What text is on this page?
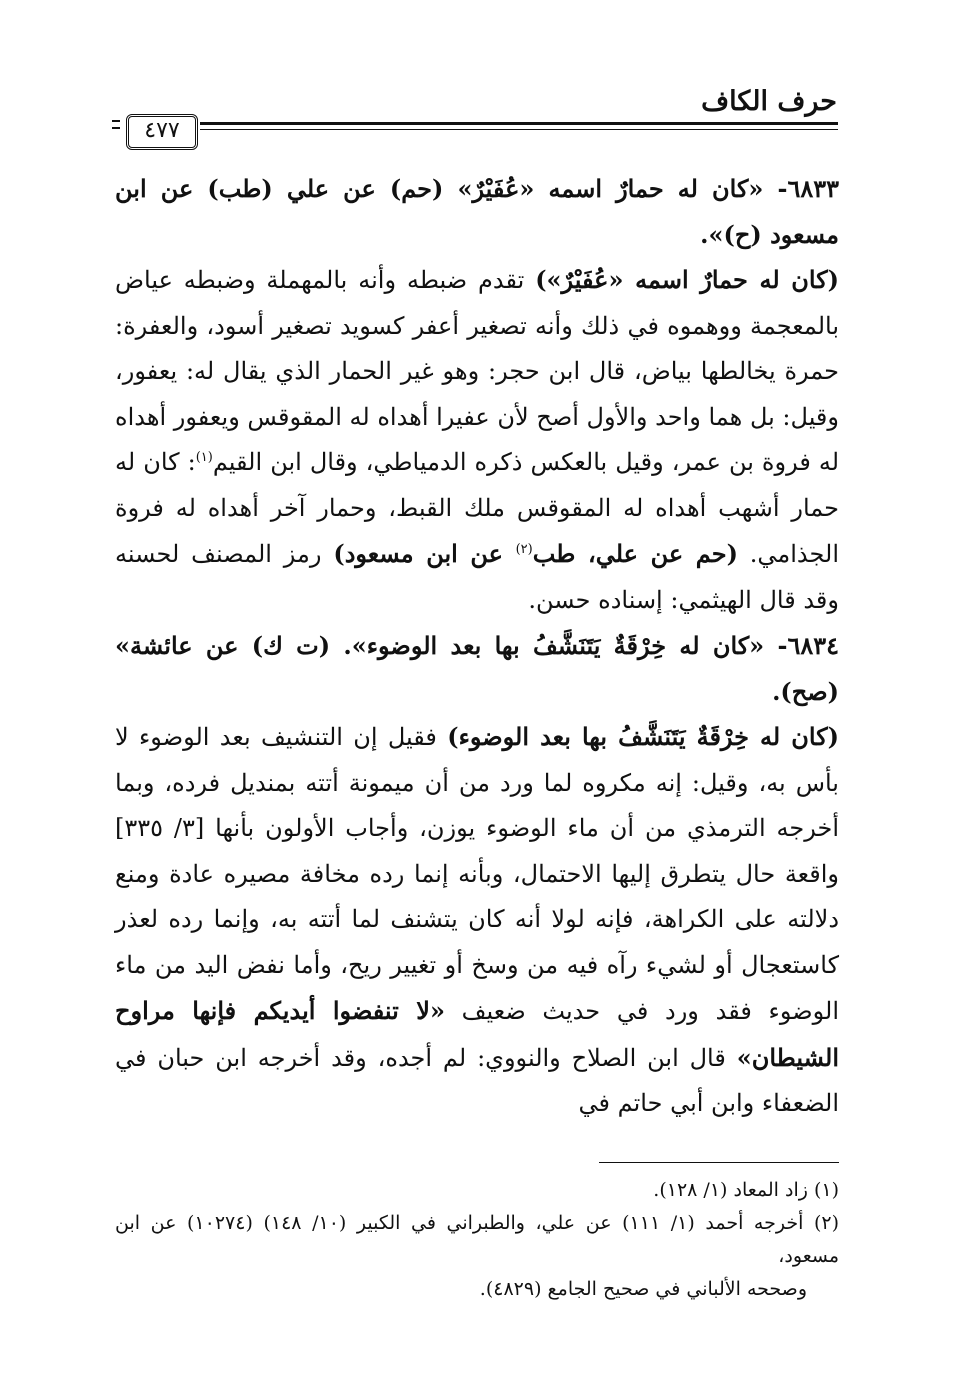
حرف الكاف
٤٧٧

٦٨٣٣- «كان له حمارٌ اسمه «عُفَيْرٌ» (حم) عن علي (طب) عن ابن مسعود (ح)».

(كان له حمارٌ اسمه «عُفَيْرٌ») تقدم ضبطه وأنه بالمهملة وضبطه عياض بالمعجمة ووهموه في ذلك وأنه تصغير أعفر كسويد تصغير أسود، والعفرة: حمرة يخالطها بياض، قال ابن حجر: وهو غير الحمار الذي يقال له: يعفور، وقيل: بل هما واحد والأول أصح لأن عفيرا أهداه له المقوقس ويعفور أهداه له فروة بن عمر، وقيل بالعكس ذكره الدمياطي، وقال ابن القيم$^{(١)}$: كان له حمار أشهب أهداه له المقوقس ملك القبط، وحمار آخر أهداه له فروة الجذامي. (حم عن علي، طب$^{(٢)}$ عن ابن مسعود) رمز المصنف لحسنه وقد قال الهيثمي: إسناده حسن.

٦٨٣٤- «كان له خِرْقَةٌ يَتَنَشَّفُ بها بعد الوضوء». (ت ك) عن عائشة» (صح).

(كان له خِرْقَةٌ يَتَنَشَّفُ بها بعد الوضوء) فقيل إن التنشيف بعد الوضوء لا بأس به، وقيل: إنه مكروه لما ورد من أن ميمونة أتته بمنديل فرده، وبما أخرجه الترمذي من أن ماء الوضوء يوزن، وأجاب الأولون بأنها [٣/ ٣٣٥] واقعة حال يتطرق إليها الاحتمال، وبأنه إنما رده مخافة مصيره عادة ومنع دلالته على الكراهة، فإنه لولا أنه كان يتشنف لما أتته به، وإنما رده لعذر كاستعجال أو لشيء رآه فيه من وسخ أو تغيير ريح، وأما نفض اليد من ماء الوضوء فقد ورد في حديث ضعيف «لا تنفضوا أيديكم فإنها مراوح الشيطان» قال ابن الصلاح والنووي: لم أجده، وقد أخرجه ابن حبان في الضعفاء وابن أبي حاتم في

(١) زاد المعاد (١/ ١٢٨).

(٢) أخرجه أحمد (١/ ١١١) عن علي، والطبراني في الكبير (١٠/ ١٤٨) (١٠٢٧٤) عن ابن مسعود،

وصححه الألباني في صحيح الجامع (٤٨٢٩).
